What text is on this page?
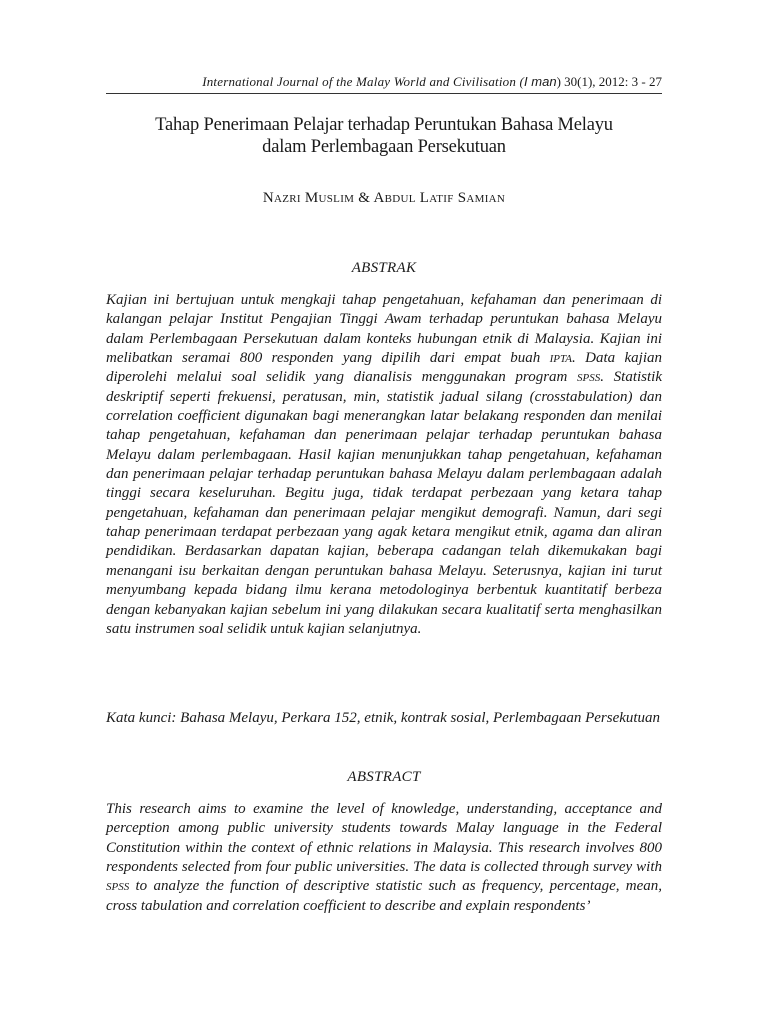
International Journal of the Malay World and Civilisation (I man) 30(1), 2012: 3 - 27
Tahap Penerimaan Pelajar terhadap Peruntukan Bahasa Melayu
dalam Perlembagaan Persekutuan
Nazri Muslim & Abdul Latif Samian
ABSTRAK
Kajian ini bertujuan untuk mengkaji tahap pengetahuan, kefahaman dan penerimaan di kalangan pelajar Institut Pengajian Tinggi Awam terhadap peruntukan bahasa Melayu dalam Perlembagaan Persekutuan dalam konteks hubungan etnik di Malaysia. Kajian ini melibatkan seramai 800 responden yang dipilih dari empat buah ipta. Data kajian diperolehi melalui soal selidik yang dianalisis menggunakan program spss. Statistik deskriptif seperti frekuensi, peratusan, min, statistik jadual silang (crosstabulation) dan correlation coefficient digunakan bagi menerangkan latar belakang responden dan menilai tahap pengetahuan, kefahaman dan penerimaan pelajar terhadap peruntukan bahasa Melayu dalam perlembagaan. Hasil kajian menunjukkan tahap pengetahuan, kefahaman dan penerimaan pelajar terhadap peruntukan bahasa Melayu dalam perlembagaan adalah tinggi secara keseluruhan. Begitu juga, tidak terdapat perbezaan yang ketara tahap pengetahuan, kefahaman dan penerimaan pelajar mengikut demografi. Namun, dari segi tahap penerimaan terdapat perbezaan yang agak ketara mengikut etnik, agama dan aliran pendidikan. Berdasarkan dapatan kajian, beberapa cadangan telah dikemukakan bagi menangani isu berkaitan dengan peruntukan bahasa Melayu. Seterusnya, kajian ini turut menyumbang kepada bidang ilmu kerana metodologinya berbentuk kuantitatif berbeza dengan kebanyakan kajian sebelum ini yang dilakukan secara kualitatif serta menghasilkan satu instrumen soal selidik untuk kajian selanjutnya.
Kata kunci: Bahasa Melayu, Perkara 152, etnik, kontrak sosial, Perlembagaan Persekutuan
ABSTRACT
This research aims to examine the level of knowledge, understanding, acceptance and perception among public university students towards Malay language in the Federal Constitution within the context of ethnic relations in Malaysia. This research involves 800 respondents selected from four public universities. The data is collected through survey with spss to analyze the function of descriptive statistic such as frequency, percentage, mean, cross tabulation and correlation coefficient to describe and explain respondents’
